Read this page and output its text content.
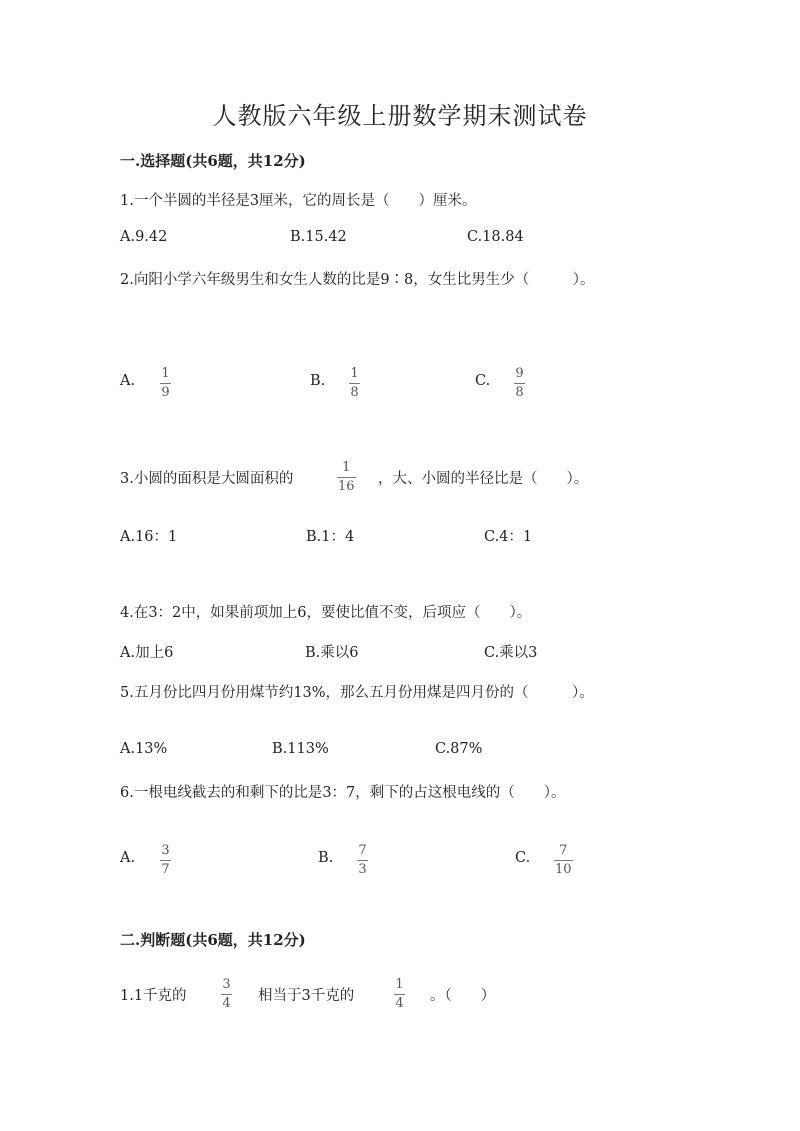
人教版六年级上册数学期末测试卷
一.选择题(共6题，共12分)
1.一个半圆的半径是3厘米，它的周长是（　　）厘米。
A.9.42	B.15.42	C.18.84
2.向阳小学六年级男生和女生人数的比是9∶8，女生比男生少（　　　）。
A. 1
9
B. 1
8
C. 9
8
3.小圆的面积是大圆面积的
1
16 ，大、小圆的半径比是（　　）。
A.16：1	B.1：4	C.4：1
4.在3：2中，如果前项加上6，要使比值不变，后项应（　　）。
A.加上6	B.乘以6	C.乘以3
5.五月份比四月份用煤节约13%，那么五月份用煤是四月份的（　　　）。
A.13%	B.113%	C.87%
6.一根电线截去的和剩下的比是3：7，剩下的占这根电线的（　　）。
A. 3
7
B. 7
3
C. 7
10
二.判断题(共6题，共12分)
1.1千克的
3
4 相当于3千克的
1
4 。（　　）
